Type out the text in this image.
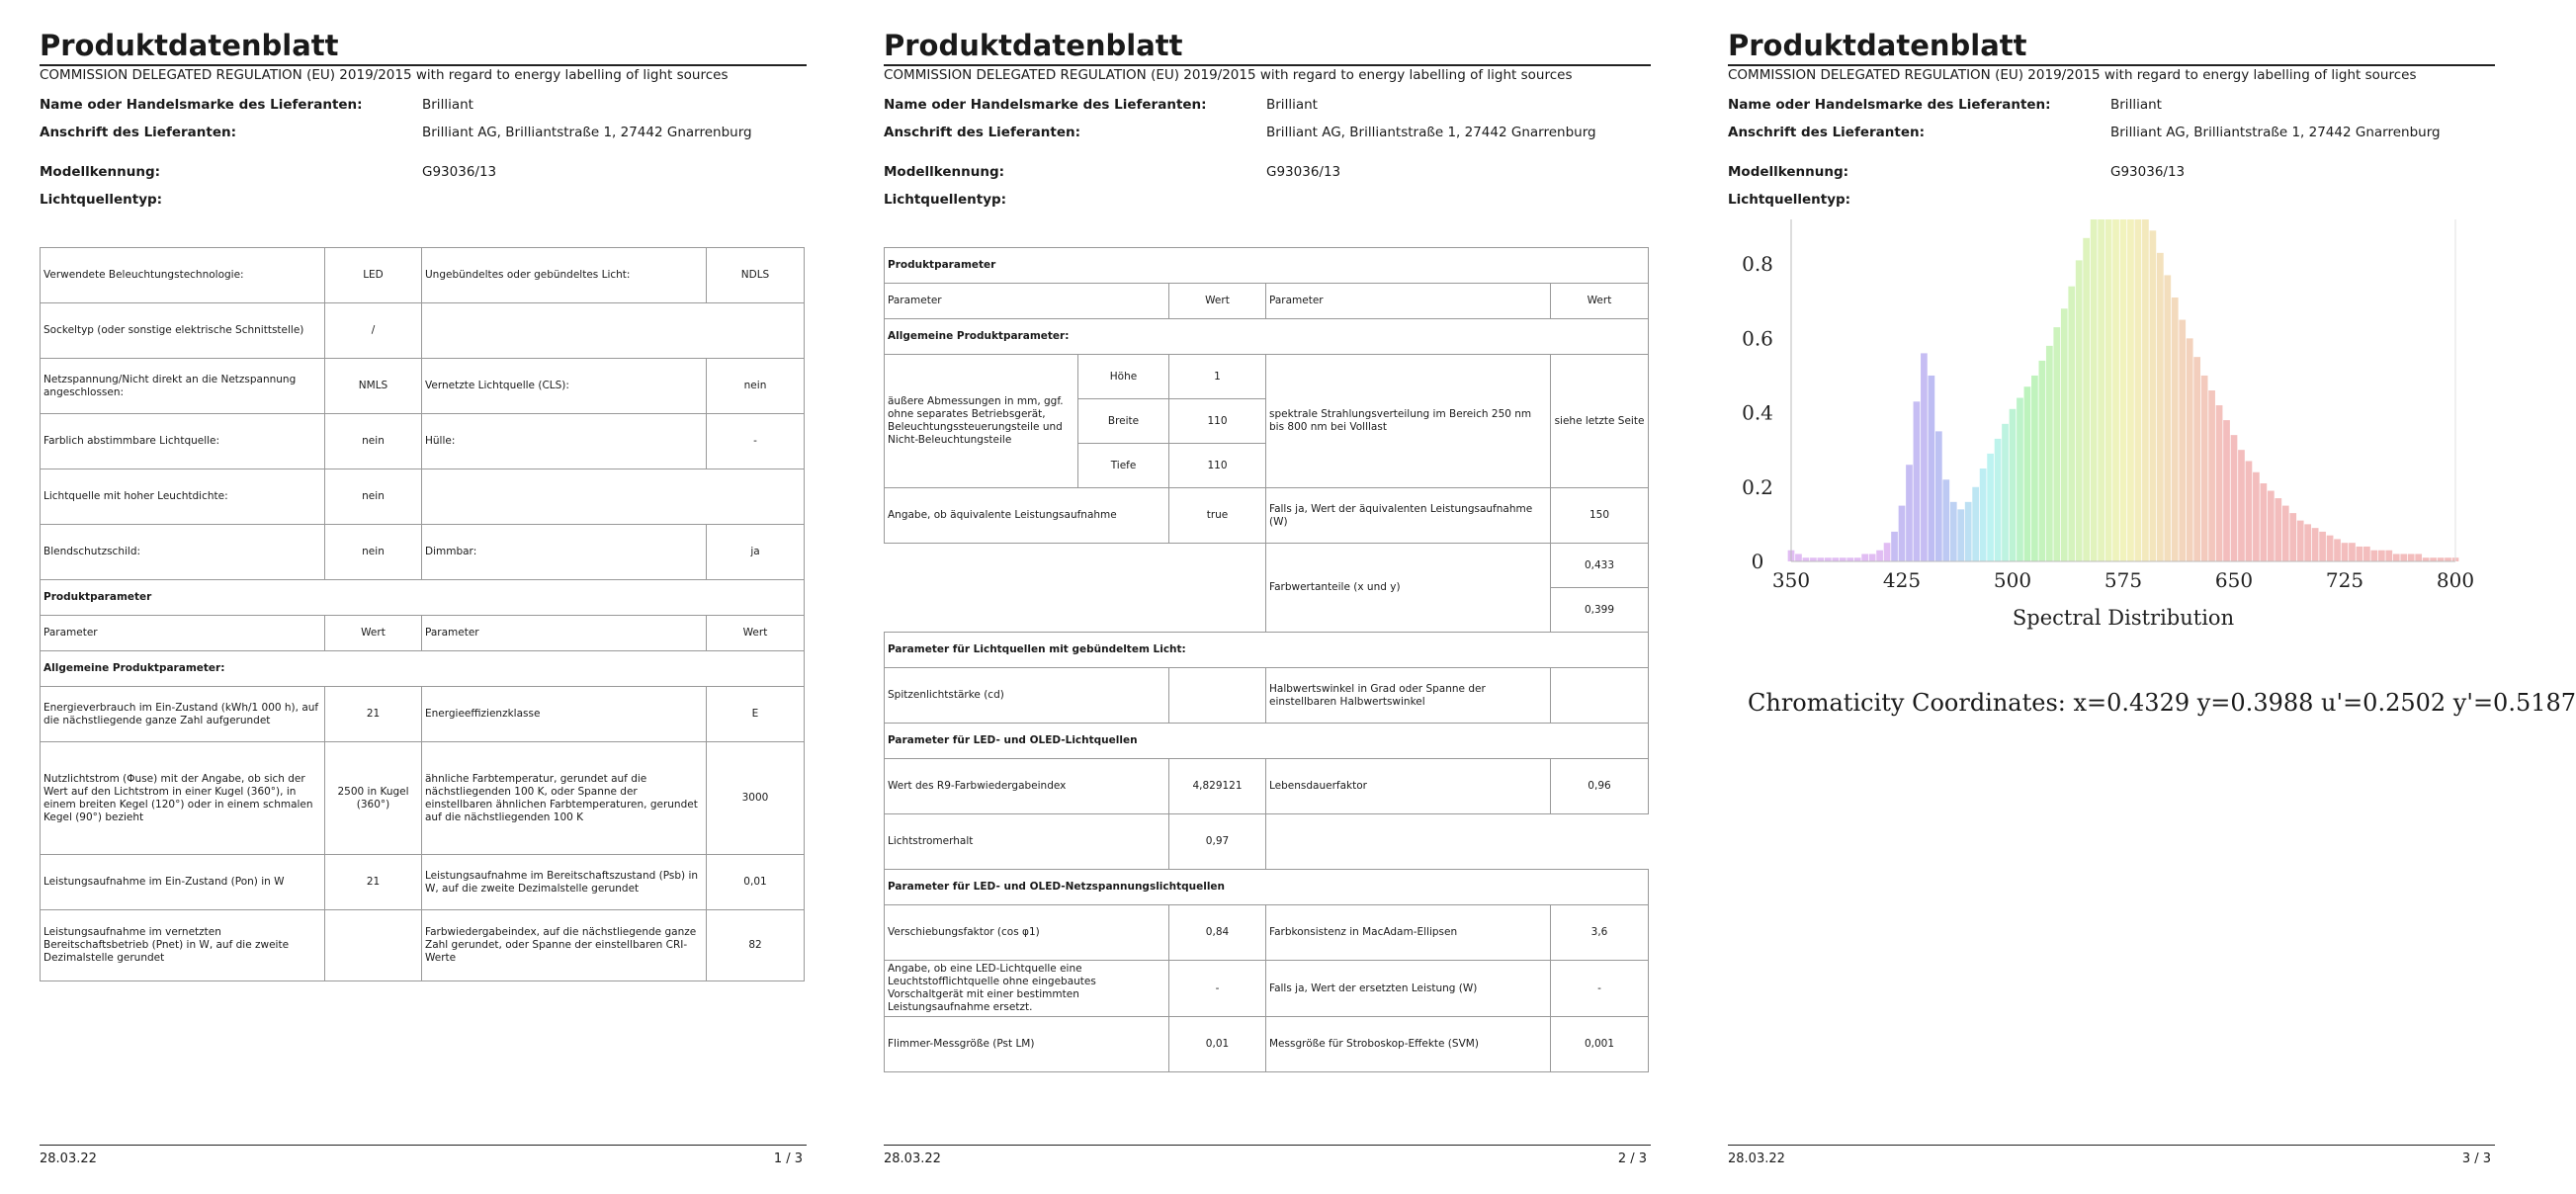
Produktdatenblatt
COMMISSION DELEGATED REGULATION (EU) 2019/2015 with regard to energy labelling of light sources
Name oder Handelsmarke des Lieferanten:	Brilliant
Anschrift des Lieferanten:	Brilliant AG, Brilliantstraße 1, 27442 Gnarrenburg
Modellkennung:	G93036/13
Lichtquellentyp:
Verwendete Beleuchtungstechnologie:	LED	Ungebündeltes oder gebündeltes Licht:	NDLS
Sockeltyp (oder sonstige elektrische Schnittstelle)	/		
Netzspannung/Nicht direkt an die Netzspannung angeschlossen:	NMLS	Vernetzte Lichtquelle (CLS):	nein
Farblich abstimmbare Lichtquelle:	nein	Hülle:	-
Lichtquelle mit hoher Leuchtdichte:	nein		
Blendschutzschild:	nein	Dimmbar:	ja
Produktparameter			
Parameter	Wert	Parameter	Wert
Allgemeine Produktparameter:			
Energieverbrauch im Ein-Zustand (kWh/1 000 h), auf die nächstliegende ganze Zahl aufgerundet	21	Energieeffizienzklasse	E
Nutzlichtstrom (Φuse) mit der Angabe, ob sich der Wert auf den Lichtstrom in einer Kugel (360°), in einem breiten Kegel (120°) oder in einem schmalen Kegel (90°) bezieht	2500 in Kugel (360°)	ähnliche Farbtemperatur, gerundet auf die nächstliegenden 100 K, oder Spanne der einstellbaren ähnlichen Farbtemperaturen, gerundet auf die nächstliegenden 100 K	3000
Leistungsaufnahme im Ein-Zustand (Pon) in W	21	Leistungsaufnahme im Bereitschaftszustand (Psb) in W, auf die zweite Dezimalstelle gerundet	0,01
Leistungsaufnahme im vernetzten Bereitschaftsbetrieb (Pnet) in W, auf die zweite Dezimalstelle gerundet		Farbwiedergabeindex, auf die nächstliegende ganze Zahl gerundet, oder Spanne der einstellbaren CRI-Werte	82
28.03.22	1 / 3
Produktdatenblatt
COMMISSION DELEGATED REGULATION (EU) 2019/2015 with regard to energy labelling of light sources
Name oder Handelsmarke des Lieferanten:	Brilliant
Anschrift des Lieferanten:	Brilliant AG, Brilliantstraße 1, 27442 Gnarrenburg
Modellkennung:	G93036/13
Lichtquellentyp:
Produktparameter				
Parameter		Wert	Parameter	Wert
Allgemeine Produktparameter:				
äußere Abmessungen in mm, ggf. ohne separates Betriebsgerät, Beleuchtungssteuerungsteile und Nicht-Beleuchtungsteile	Höhe	1	spektrale Strahlungsverteilung im Bereich 250 nm bis 800 nm bei Volllast	siehe letzte Seite
	Breite	110		
	Tiefe	110		
Angabe, ob äquivalente Leistungsaufnahme		true	Falls ja, Wert der äquivalenten Leistungsaufnahme (W)	150
			Farbwertanteile (x und y)	0,433
				0,399
Parameter für Lichtquellen mit gebündeltem Licht:				
Spitzenlichtstärke (cd)			Halbwertswinkel in Grad oder Spanne der einstellbaren Halbwertswinkel	
Parameter für LED- und OLED-Lichtquellen				
Wert des R9-Farbwiedergabeindex		4,829121	Lebensdauerfaktor	0,96
Lichtstromerhalt		0,97		
Parameter für LED- und OLED-Netzspannungslichtquellen				
Verschiebungsfaktor (cos φ1)		0,84	Farbkonsistenz in MacAdam-Ellipsen	3,6
Angabe, ob eine LED-Lichtquelle eine Leuchtstofflichtquelle ohne eingebautes Vorschaltgerät mit einer bestimmten Leistungsaufnahme ersetzt.		-	Falls ja, Wert der ersetzten Leistung (W)	-
Flimmer-Messgröße (Pst LM)		0,01	Messgröße für Stroboskop-Effekte (SVM)	0,001
28.03.22	2 / 3
Produktdatenblatt
COMMISSION DELEGATED REGULATION (EU) 2019/2015 with regard to energy labelling of light sources
Name oder Handelsmarke des Lieferanten:	Brilliant
Anschrift des Lieferanten:	Brilliant AG, Brilliantstraße 1, 27442 Gnarrenburg
Modellkennung:	G93036/13
Lichtquellentyp:
0
0.2
0.4
0.6
0.8
350	425	500	575	650	725	800
Spectral Distribution
Chromaticity Coordinates: x=0.4329 y=0.3988 u'=0.2502 y'=0.5187
28.03.22	3 / 3
